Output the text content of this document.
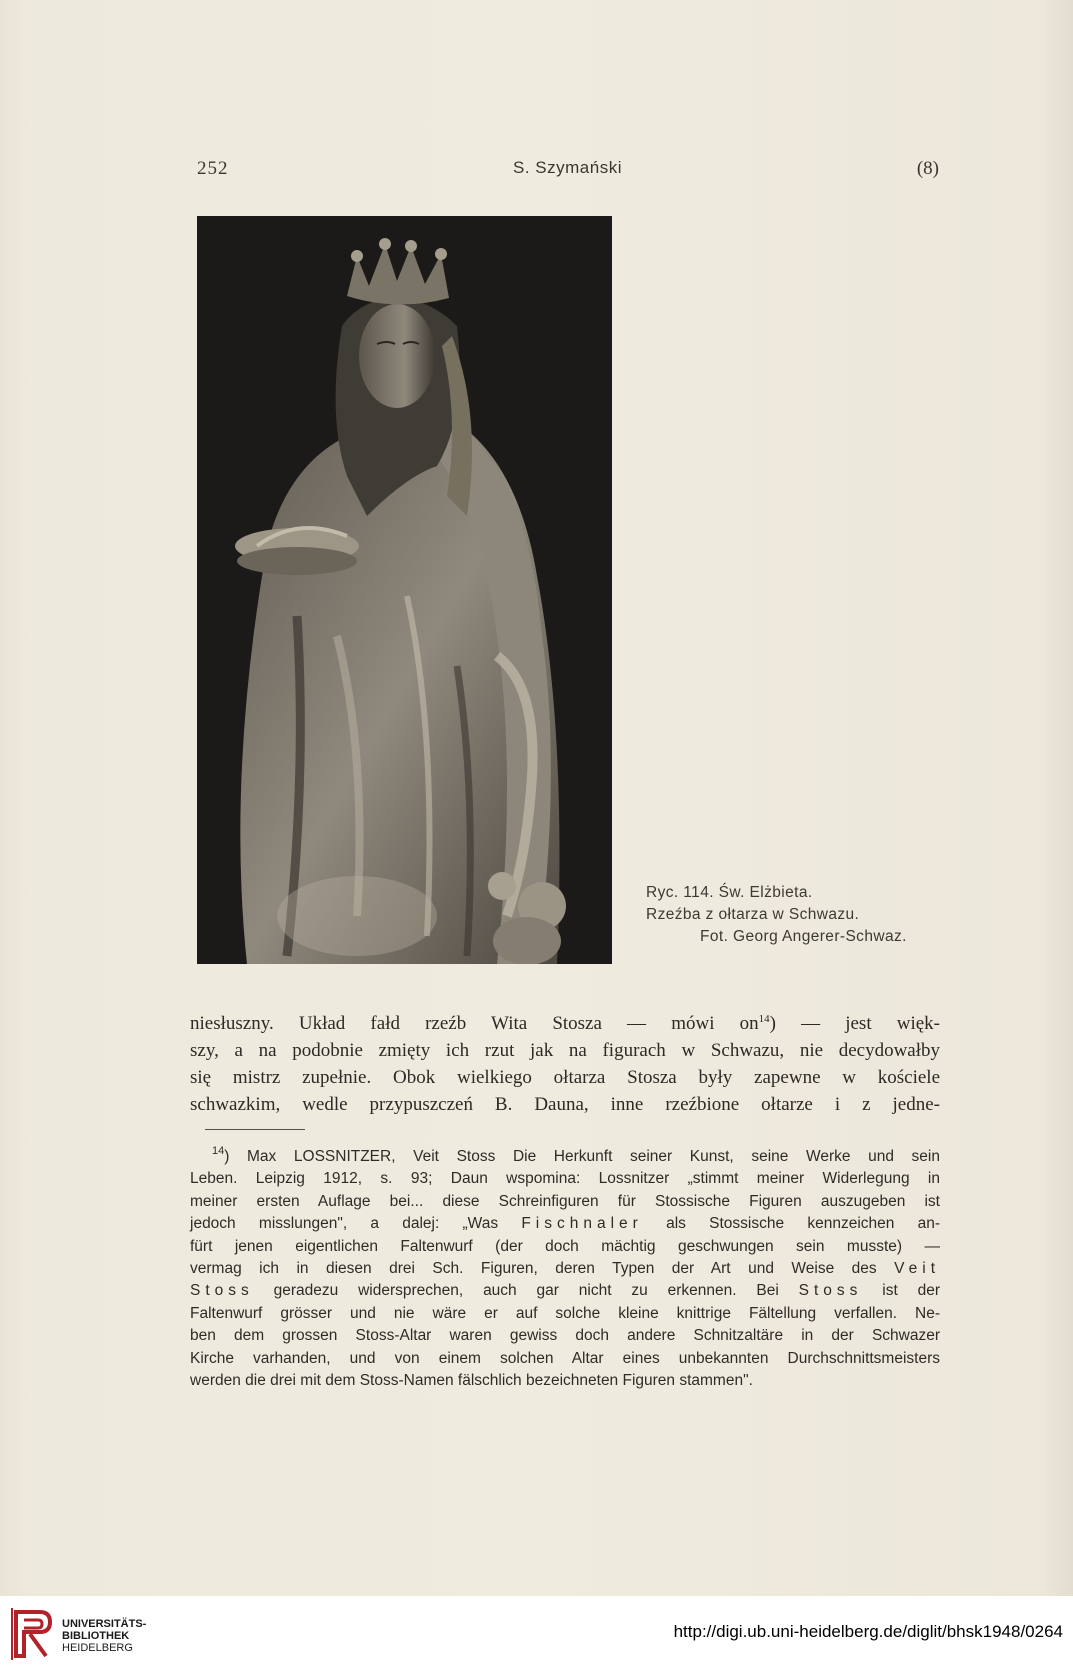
252	S. Szymański	(8)
Ryc. 114. Św. Elżbieta.
Rzeźba z ołtarza w Schwazu.
Fot. Georg Angerer-Schwaz.
niesłuszny. Układ fałd rzeźb Wita Stosza — mówi $on^{14}$) — jest więk-
szy, a na podobnie zmięty ich rzut jak na figurach w Schwazu, nie decydowałby
się mistrz zupełnie. Obok wielkiego ołtarza Stosza były zapewne w kościele
schwazkim, wedle przypuszczeń B. Dauna, inne rzeźbione ołtarze i z jedne-
$^{14}$) Max LOSSNITZER, Veit Stoss Die Herkunft seiner Kunst, seine Werke und sein
Leben. Leipzig 1912, s. 93; Daun wspomina: Lossnitzer „stimmt meiner Widerlegung in
meiner ersten Auflage bei... diese Schreinfiguren für Stossische Figuren auszugeben ist
jedoch misslungen", a dalej: „Was Fischnaler als Stossische kennzeichen an-
fürt jenen eigentlichen Faltenwurf (der doch mächtig geschwungen sein musste) —
vermag ich in diesen drei Sch. Figuren, deren Typen der Art und Weise des Veit
Stoss geradezu widersprechen, auch gar nicht zu erkennen. Bei Stoss ist der
Faltenwurf grösser und nie wäre er auf solche kleine knittrige Fältellung verfallen. Ne-
ben dem grossen Stoss-Altar waren gewiss doch andere Schnitzaltäre in der Schwazer
Kirche varhanden, und von einem solchen Altar eines unbekannten Durchschnittsmeisters
werden die drei mit dem Stoss-Namen fälschlich bezeichneten Figuren stammen".
UNIVERSITÄTS-
BIBLIOTHEK
HEIDELBERG
http://digi.ub.uni-heidelberg.de/diglit/bhsk1948/0264
